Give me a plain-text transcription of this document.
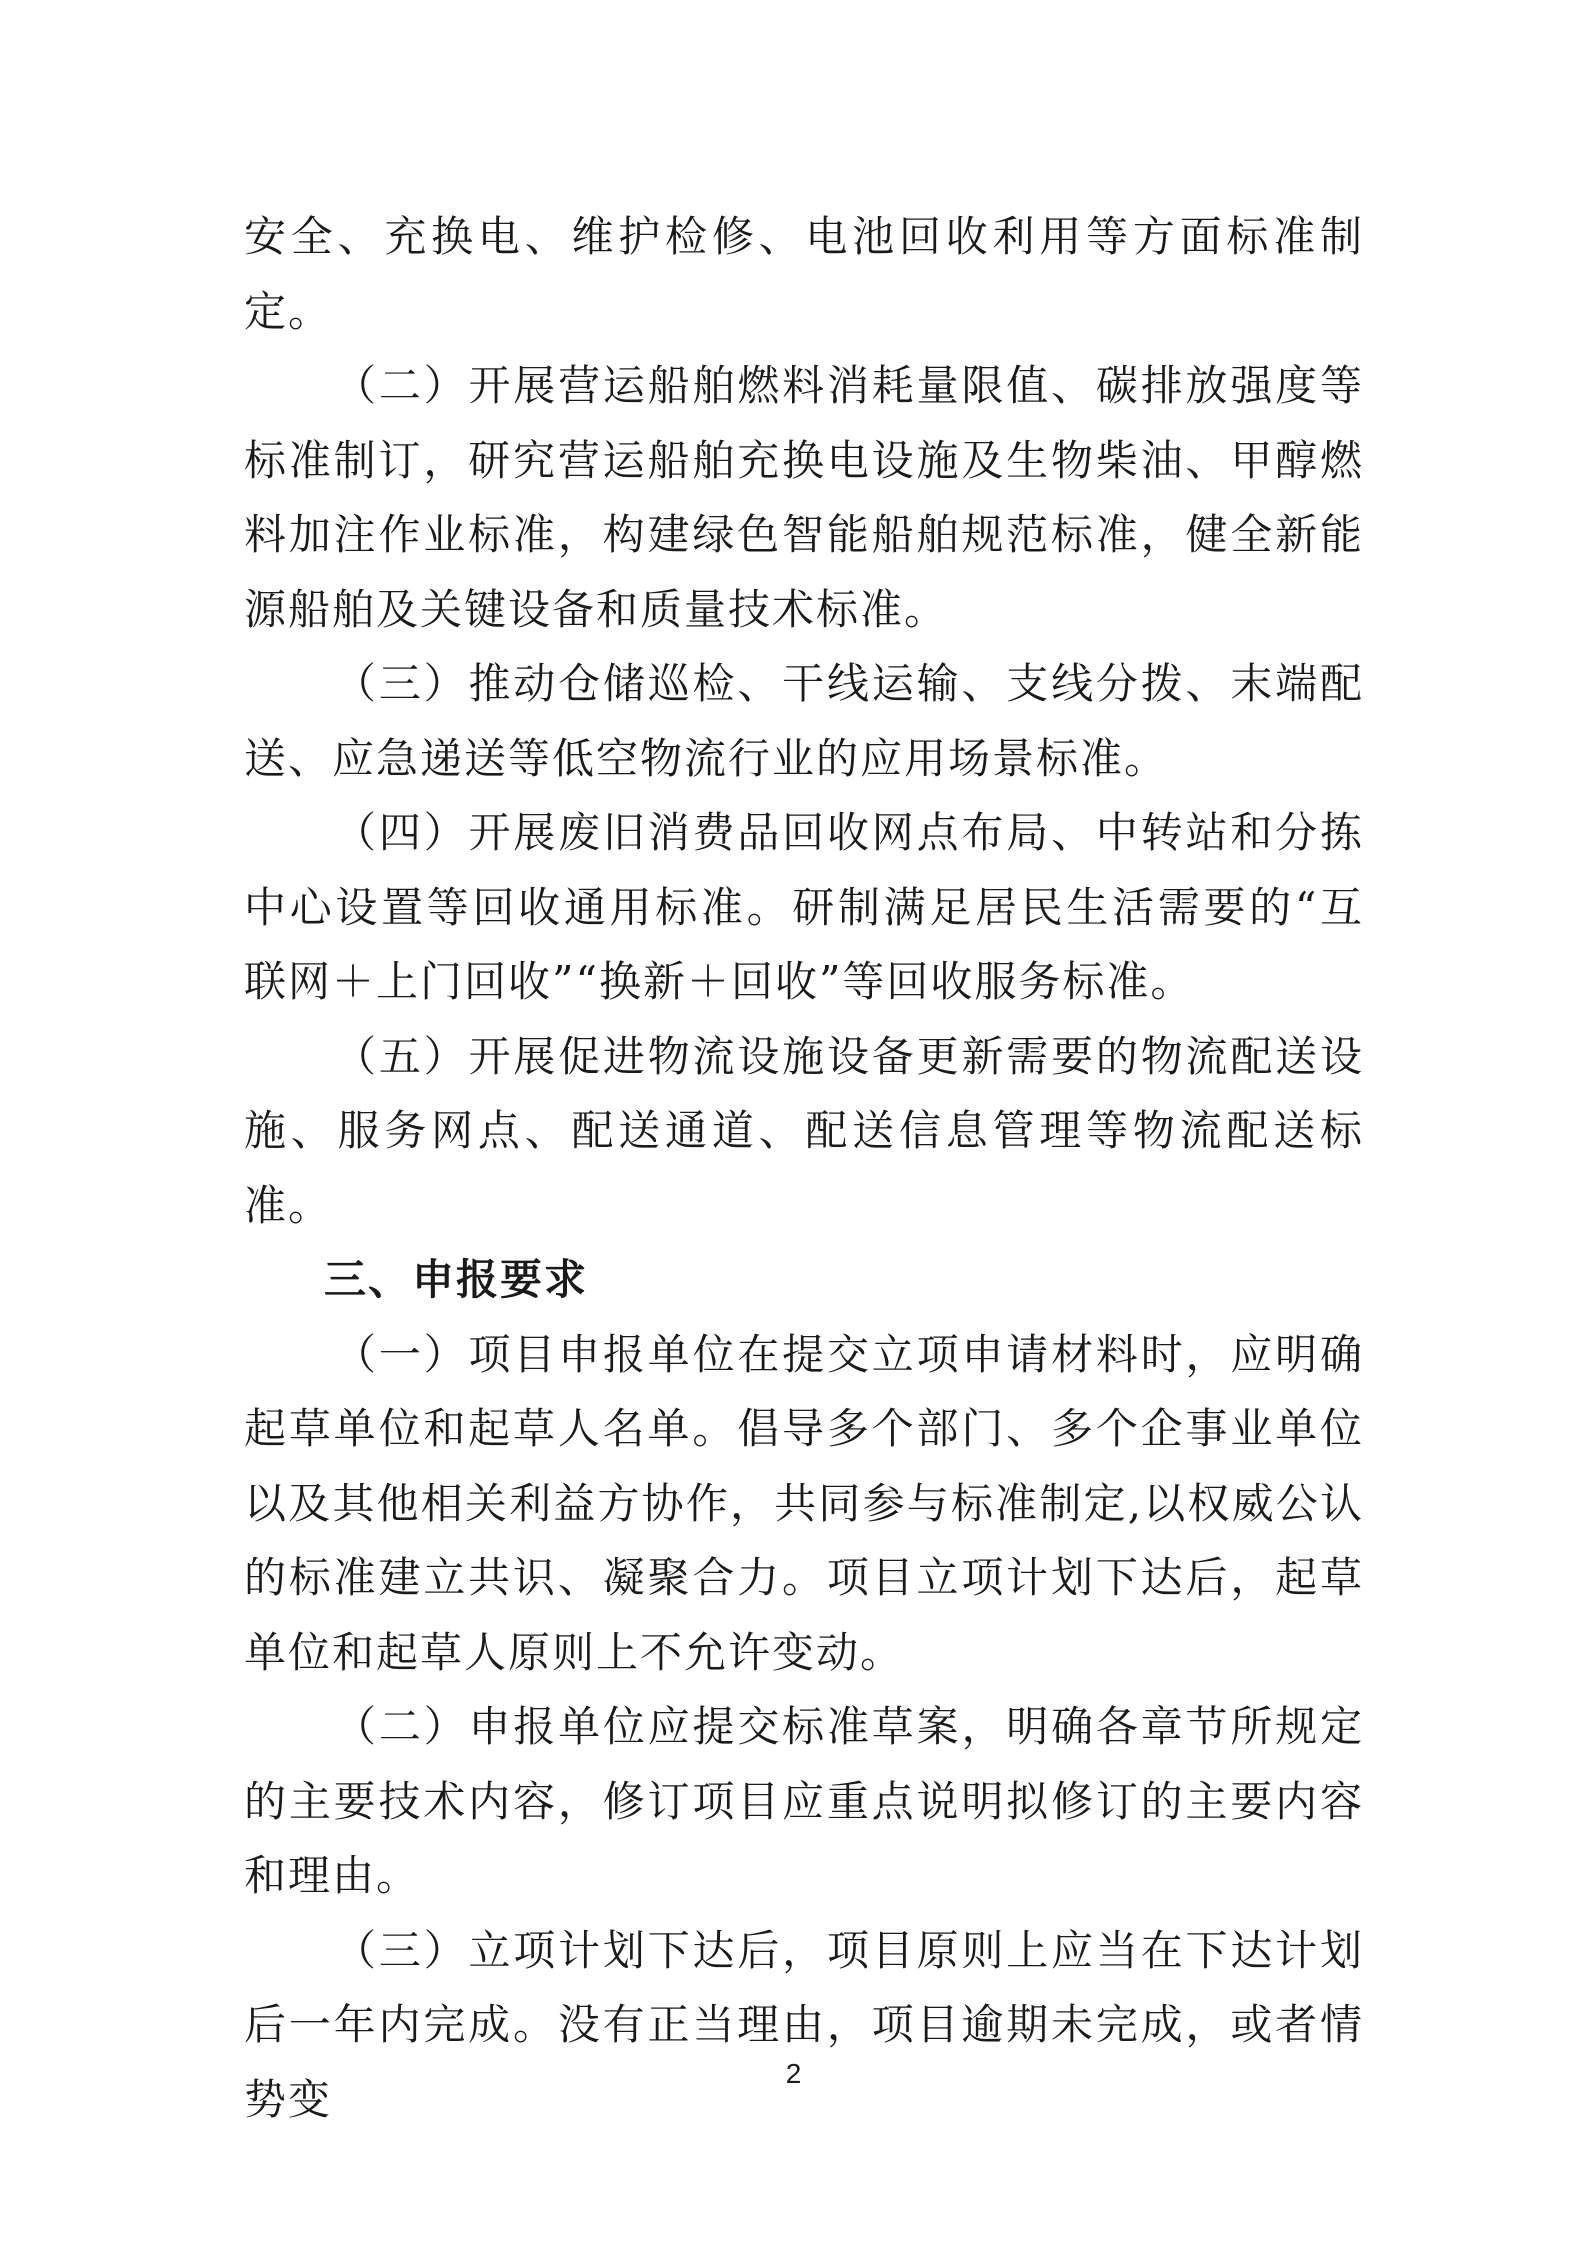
安全、充换电、维护检修、电池回收利用等方面标准制定。

（二）开展营运船舶燃料消耗量限值、碳排放强度等标准制订，研究营运船舶充换电设施及生物柴油、甲醇燃料加注作业标准，构建绿色智能船舶规范标准，健全新能源船舶及关键设备和质量技术标准。

（三）推动仓储巡检、干线运输、支线分拨、末端配送、应急递送等低空物流行业的应用场景标准。

（四）开展废旧消费品回收网点布局、中转站和分拣中心设置等回收通用标准。研制满足居民生活需要的“互联网＋上门回收”“换新＋回收”等回收服务标准。

（五）开展促进物流设施设备更新需要的物流配送设施、服务网点、配送通道、配送信息管理等物流配送标准。

三、申报要求

（一）项目申报单位在提交立项申请材料时，应明确起草单位和起草人名单。倡导多个部门、多个企事业单位以及其他相关利益方协作，共同参与标准制定,以权威公认的标准建立共识、凝聚合力。项目立项计划下达后，起草单位和起草人原则上不允许变动。

（二）申报单位应提交标准草案，明确各章节所规定的主要技术内容，修订项目应重点说明拟修订的主要内容和理由。

（三）立项计划下达后，项目原则上应当在下达计划后一年内完成。没有正当理由，项目逾期未完成，或者情势变

2
